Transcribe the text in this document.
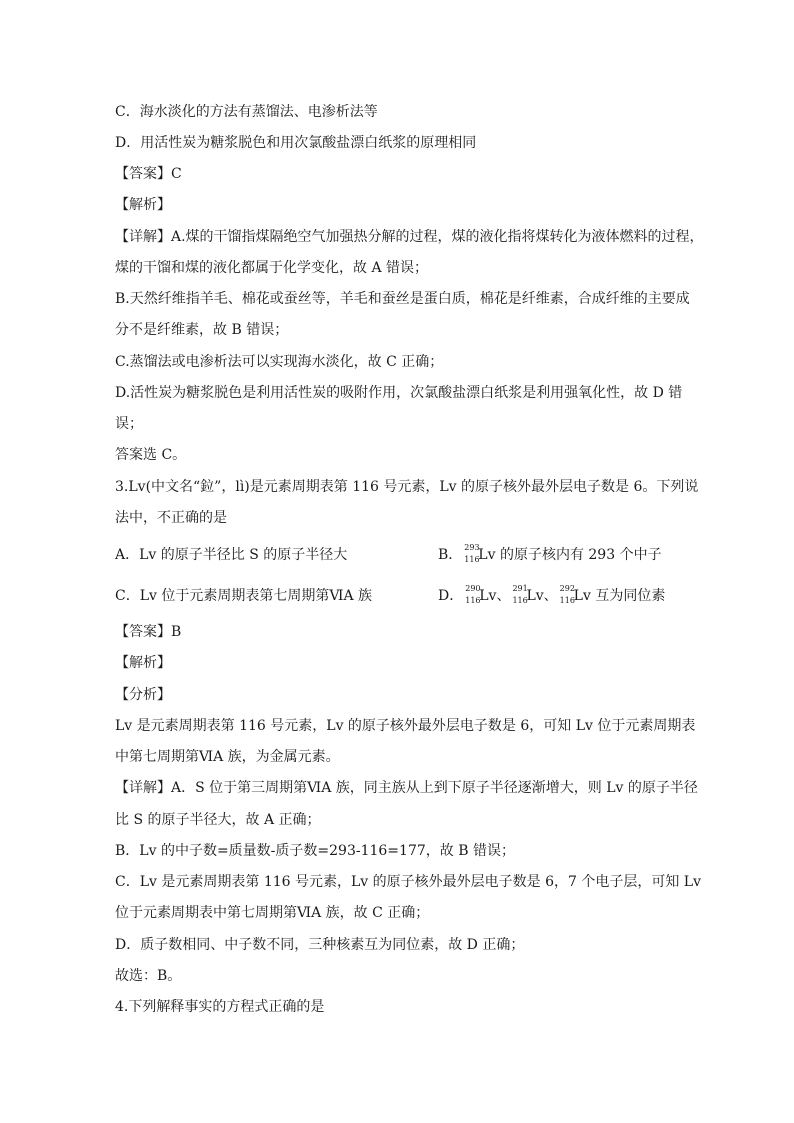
C．海水淡化的方法有蒸馏法、电渗析法等
D．用活性炭为糖浆脱色和用次氯酸盐漂白纸浆的原理相同
【答案】C
【解析】
【详解】A.煤的干馏指煤隔绝空气加强热分解的过程，煤的液化指将煤转化为液体燃料的过程，
煤的干馏和煤的液化都属于化学变化，故 A 错误；
B.天然纤维指羊毛、棉花或蚕丝等，羊毛和蚕丝是蛋白质，棉花是纤维素，合成纤维的主要成
分不是纤维素，故 B 错误；
C.蒸馏法或电渗析法可以实现海水淡化，故 C 正确；
D.活性炭为糖浆脱色是利用活性炭的吸附作用，次氯酸盐漂白纸浆是利用强氧化性，故 D 错
误；
答案选 C。
3.Lv(中文名“鉝”，lì)是元素周期表第 116 号元素，Lv 的原子核外最外层电子数是 6。下列说
法中，不正确的是
A．Lv 的原子半径比 S 的原子半径大	B． 293
116
Lv 的原子核内有 293 个中子
C．Lv 位于元素周期表第七周期第ⅥA 族	D． 290
116
Lv、 291
116
Lv、 292
116
Lv 互为同位素
【答案】B
【解析】
【分析】
Lv 是元素周期表第 116 号元素，Lv 的原子核外最外层电子数是 6，可知 Lv 位于元素周期表
中第七周期第ⅥA 族，为金属元素。
【详解】A．S 位于第三周期第ⅥA 族，同主族从上到下原子半径逐渐增大，则 Lv 的原子半径
比 S 的原子半径大，故 A 正确；
B．Lv 的中子数=质量数-质子数=293-116=177，故 B 错误；
C．Lv 是元素周期表第 116 号元素，Lv 的原子核外最外层电子数是 6，7 个电子层，可知 Lv
位于元素周期表中第七周期第ⅥA 族，故 C 正确；
D．质子数相同、中子数不同，三种核素互为同位素，故 D 正确；
故选：B。
4.下列解释事实的方程式正确的是
